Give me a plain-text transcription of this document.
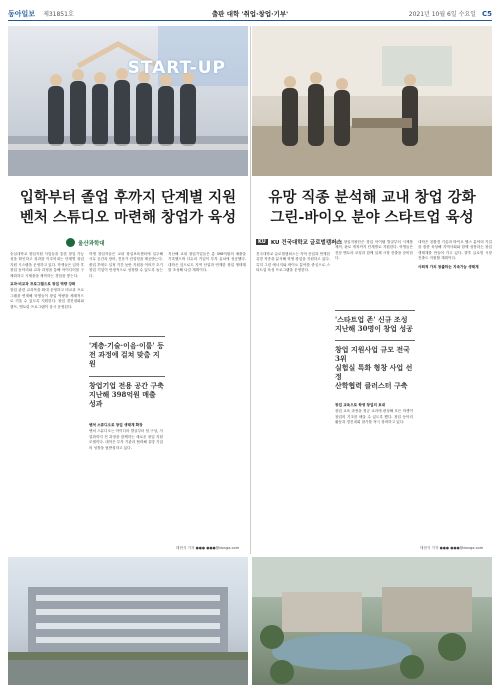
동아일보 제31851호	출판 대학 '취업·창업·기부'	2021년 10월 6일 수요일 C5
START-UP
입학부터 졸업 후까지 단계별 지원
벤처 스튜디오 마련해 창업가 육성
울산과학대

숭실대학교 창업지원 사업들을 통한 창업 가능성을 확인하고 성과를 이루어내는 단계별 창업 지원 시스템을 운영하고 있다. 학생들은 입학 후 창업 동아리와 교과 과정을 통해 아이디어를 구체화하고 시제품을 제작하는 경험을 쌓는다.

교과·비교과 프로그램으로 창업 역량 강화

창업 관련 교과목을 확대 운영하고 비교과 프로그램을 연계해 학생들이 창업 역량을 체계적으로 키울 수 있도록 지원한다. 창업 경진대회와 캠프, 멘토링 프로그램이 상시 운영된다.

학생 창업자들은 교내 창업보육센터에 입주해 사무 공간과 장비, 전문가 컨설팅을 제공받는다. 졸업 후에도 일정 기간 동안 지원을 이어가 초기 창업 기업이 안정적으로 성장할 수 있도록 돕는다.

'계층·기술·이음·이룸' 등
전 과정에 걸쳐 맞춤 지원
창업기업 전용 공간 구축
지난해 398억원 매출 성과
벤처 스튜디오로 창업 생태계 확장

벤처 스튜디오는 아이디어 발굴부터 팀 구성, 사업화까지 전 과정을 함께하는 새로운 창업 지원 모델이다. 대학은 투자 기관과 협력해 유망 기업의 성장을 뒷받침하고 있다.

지난해 교내 창업기업들은 총 398억원의 매출을 기록했으며 다수의 기업이 투자 유치에 성공했다. 대학은 앞으로도 지역 산업과 연계한 창업 생태계를 조성해 나갈 계획이다.

태현식 기자 ●●● ●●●@donga.com
유망 직종 분석해 교내 창업 강화
그린-바이오 분야 스타트업 육성
KU KU 건국대학교 글로벌캠퍼스

건국대학교 글로벌캠퍼스는 지역 산업과 연계한 유망 직종을 분석해 학생 창업을 지원하고 있다. 특히 그린 에너지와 바이오 분야를 중심으로 스타트업 육성 프로그램을 운영한다.

교내 창업지원단은 창업 아이템 발굴부터 시제품 제작, 판로 개척까지 단계별로 지원한다. 학생들은 전문 멘토의 코칭과 함께 실제 시장 진출을 준비한다.

'스타트업 존' 신규 조성
지난해 30명이 창업 성공
창업 지원사업 규모 전국 3위
실험실 특화 형창 사업 선정
산학협력 클러스터 구축
창업 교육으로 학생 창업의 토대

창업 교육 과정을 정규 교과에 편성해 모든 학생이 창업의 기초를 배울 수 있도록 했다. 창업 동아리 활동과 경진대회 참가를 적극 장려하고 있다.

대학은 친환경 기술과 바이오 헬스 분야의 기업을 집중 육성해 지역사회와 함께 성장하는 창업 생태계를 만들어 가고 있다. 향후 글로벌 시장 진출도 지원할 계획이다.

사회적 가치 창출하는 지속가능 생태계
태현식 기자 ●●● ●●●@donga.com
